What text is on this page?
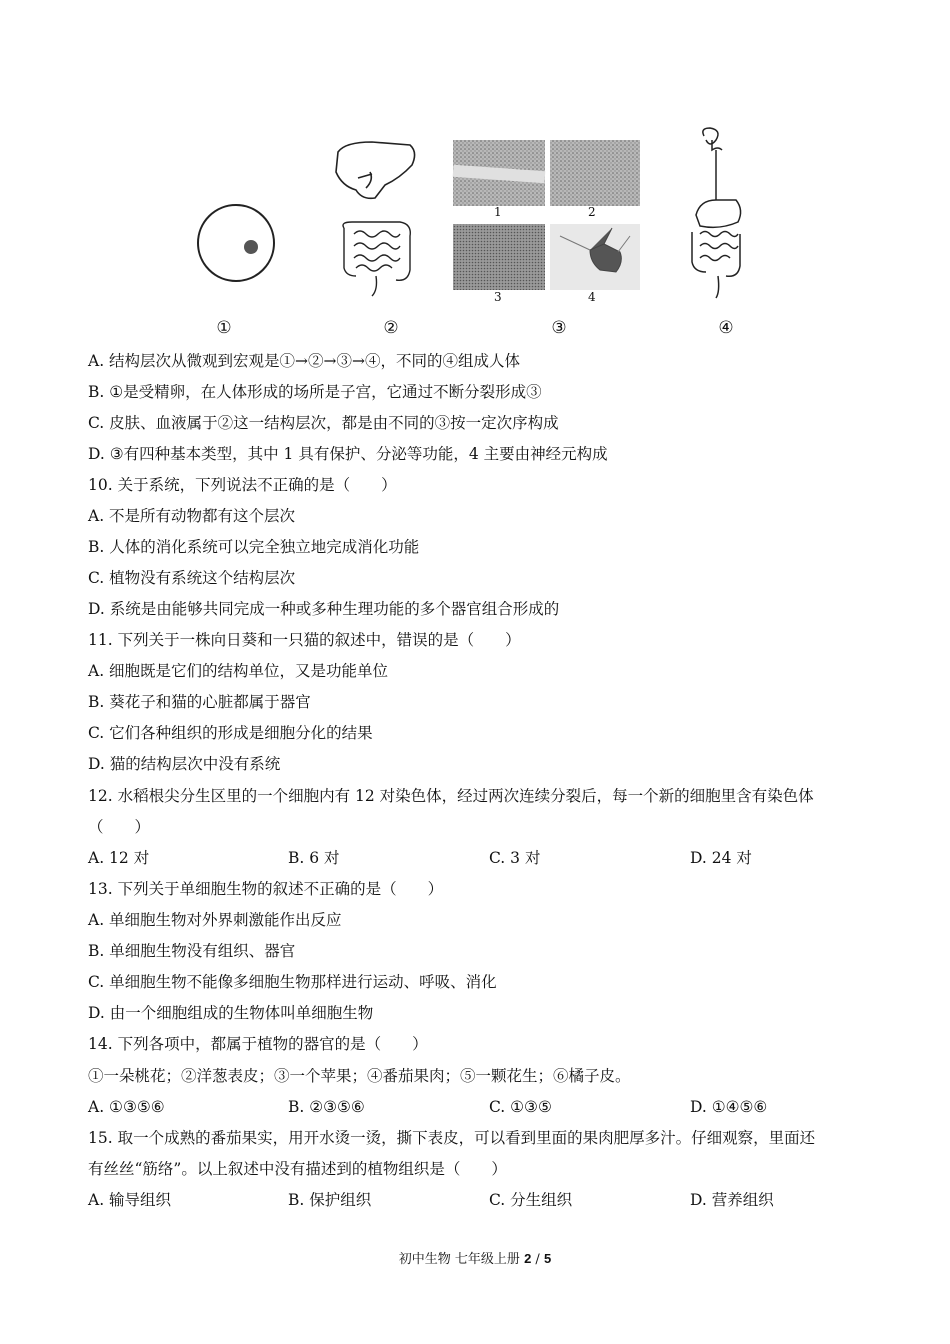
1	2
3	4
①	②	③	④
A. 结构层次从微观到宏观是①→②→③→④，不同的④组成人体
B. ①是受精卵，在人体形成的场所是子宫，它通过不断分裂形成③
C. 皮肤、血液属于②这一结构层次，都是由不同的③按一定次序构成
D. ③有四种基本类型，其中 1 具有保护、分泌等功能，4 主要由神经元构成
10. 关于系统，下列说法不正确的是（　　）
A. 不是所有动物都有这个层次
B. 人体的消化系统可以完全独立地完成消化功能
C. 植物没有系统这个结构层次
D. 系统是由能够共同完成一种或多种生理功能的多个器官组合形成的
11. 下列关于一株向日葵和一只猫的叙述中，错误的是（　　）
A. 细胞既是它们的结构单位，又是功能单位
B. 葵花子和猫的心脏都属于器官
C. 它们各种组织的形成是细胞分化的结果
D. 猫的结构层次中没有系统
12. 水稻根尖分生区里的一个细胞内有 12 对染色体，经过两次连续分裂后，每一个新的细胞里含有染色体
（　　）
A. 12 对	B. 6 对	C. 3 对	D. 24 对
13. 下列关于单细胞生物的叙述不正确的是（　　）
A. 单细胞生物对外界刺激能作出反应
B. 单细胞生物没有组织、器官
C. 单细胞生物不能像多细胞生物那样进行运动、呼吸、消化
D. 由一个细胞组成的生物体叫单细胞生物
14. 下列各项中，都属于植物的器官的是（　　）
①一朵桃花；②洋葱表皮；③一个苹果；④番茄果肉；⑤一颗花生；⑥橘子皮。
A. ①③⑤⑥	B. ②③⑤⑥	C. ①③⑤	D. ①④⑤⑥
15. 取一个成熟的番茄果实，用开水烫一烫，撕下表皮，可以看到里面的果肉肥厚多汁。仔细观察，里面还
有丝丝“筋络”。以上叙述中没有描述到的植物组织是（　　）
A. 输导组织	B. 保护组织	C. 分生组织	D. 营养组织
初中生物 七年级上册 2 / 5
